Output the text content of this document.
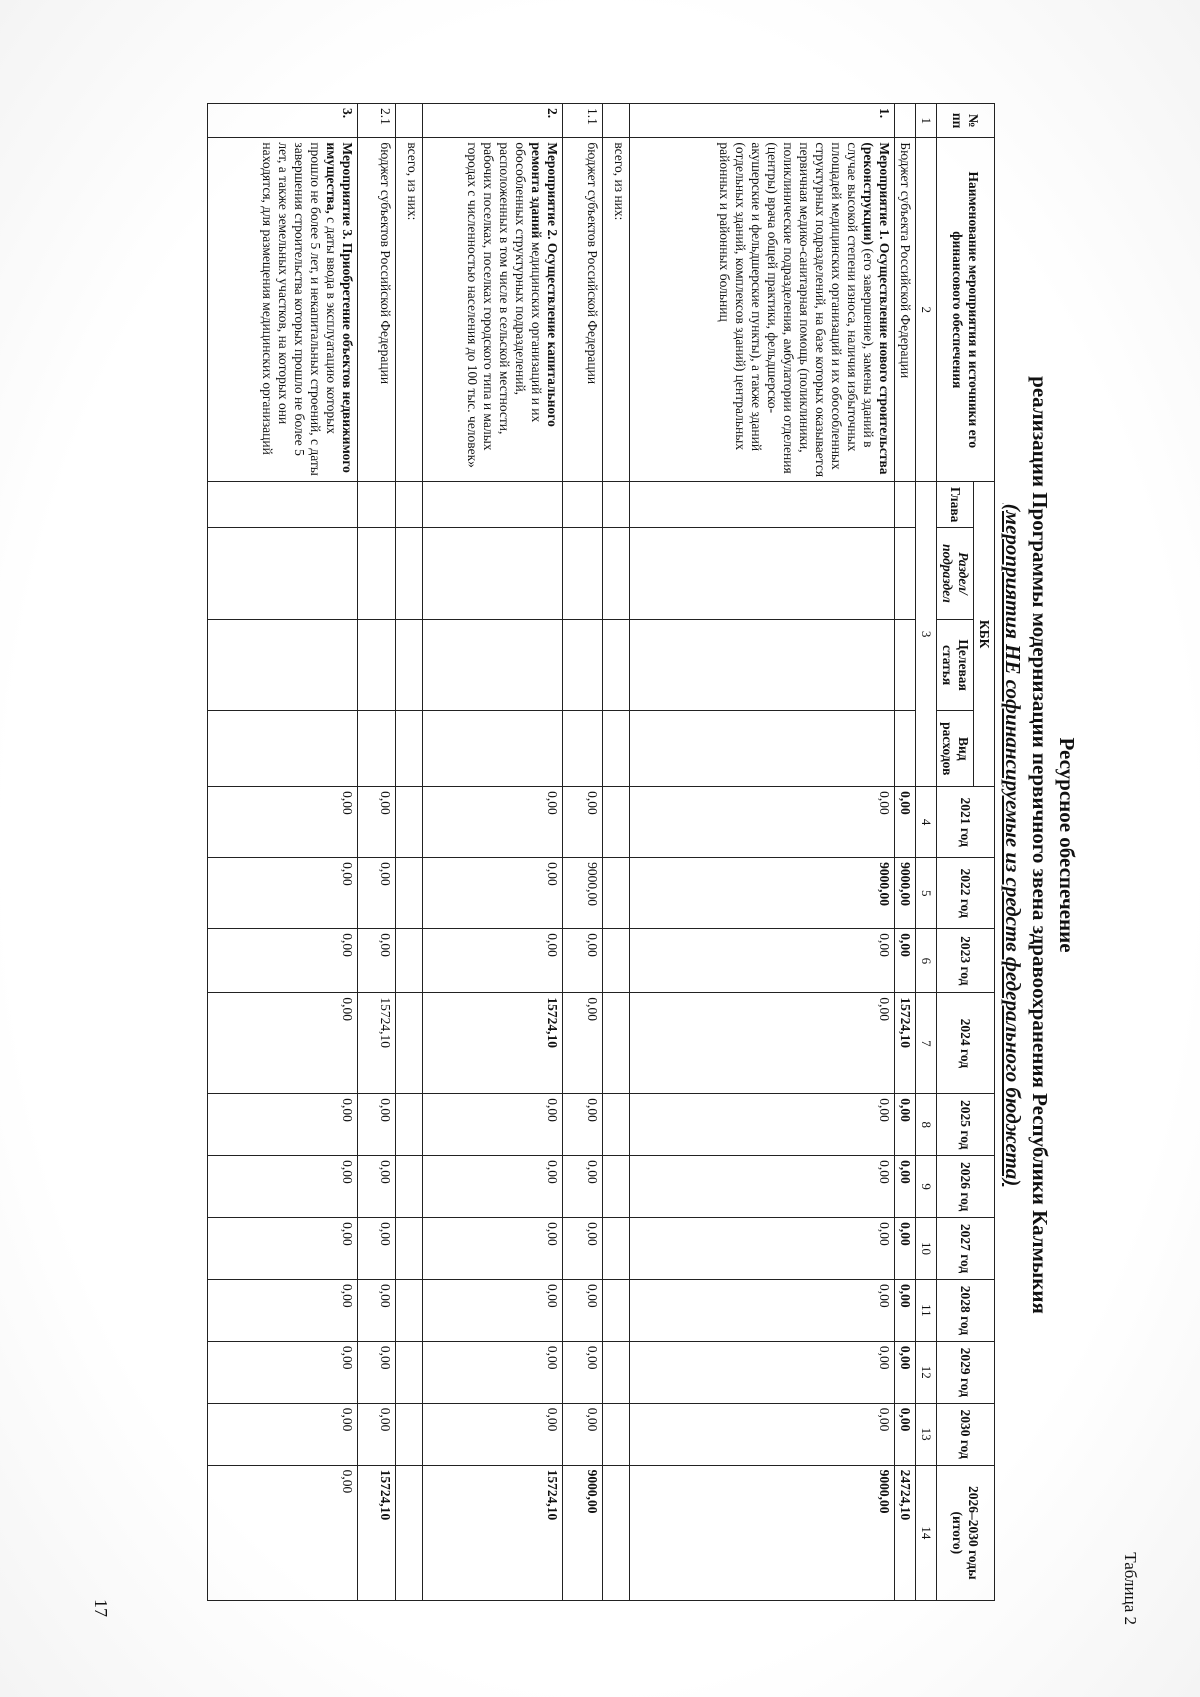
Таблица 2
Ресурсное обеспечение
реализации Программы модернизации первичного звена здравоохранения Республики Калмыкия
(мероприятия НЕ софинансируемые из средств федерального бюджета)
№ пп	Наименование мероприятия и источники его финансового обеспечения	КБК				2021 год	2022 год	2023 год	2024 год	2025 год	2026 год	2027 год	2028 год	2029 год	2030 год	2026–2030 годы (итого)
		Глава	Раздел/ подраздел	Целевая статья	Вид расходов											
1	2	3				4	5	6	7	8	9	10	11	12	13	14
	Бюджет субъекта Российской Федерации					0,00	9000,00	0,00	15724,10	0,00	0,00	0,00	0,00	0,00	0,00	24724,10
1.	Мероприятие 1. Осуществление нового строительства (реконструкции) (его завершение), замены зданий в случае высокой степени износа, наличия избыточных площадей медицинских организаций и их обособленных структурных подразделений, на базе которых оказывается первичная медико-санитарная помощь (поликлиники, поликлинические подразделения, амбулатории отделения (центры) врача общей практики, фельдшерско-акушерские и фельдшерские пункты), а также зданий (отдельных зданий, комплексов зданий) центральных районных и районных больниц					0,00	9000,00	0,00	0,00	0,00	0,00	0,00	0,00	0,00	0,00	9000,00
	всего, из них:															
1.1	бюджет субъектов Российской Федерации					0,00	9000,00	0,00	0,00	0,00	0,00	0,00	0,00	0,00	0,00	9000,00
2.	Мероприятие 2. Осуществление капитального ремонта зданий медицинских организаций и их обособленных структурных подразделений, расположенных в том числе в сельской местности, рабочих поселках, поселках городского типа и малых городах с численностью населения до 100 тыс. человек»					0,00	0,00	0,00	15724,10	0,00	0,00	0,00	0,00	0,00	0,00	15724,10
	всего, из них:															
2.1	бюджет субъектов Российской Федерации					0,00	0,00	0,00	15724,10	0,00	0,00	0,00	0,00	0,00	0,00	15724,10
3.	Мероприятие 3. Приобретение объектов недвижимого имущества, с даты ввода в эксплуатацию которых прошло не более 5 лет, и некапитальных строений, с даты завершения строительства которых прошло не более 5 лет, а также земельных участков, на которых они находятся, для размещения медицинских организаций					0,00	0,00	0,00	0,00	0,00	0,00	0,00	0,00	0,00	0,00	0,00
17
